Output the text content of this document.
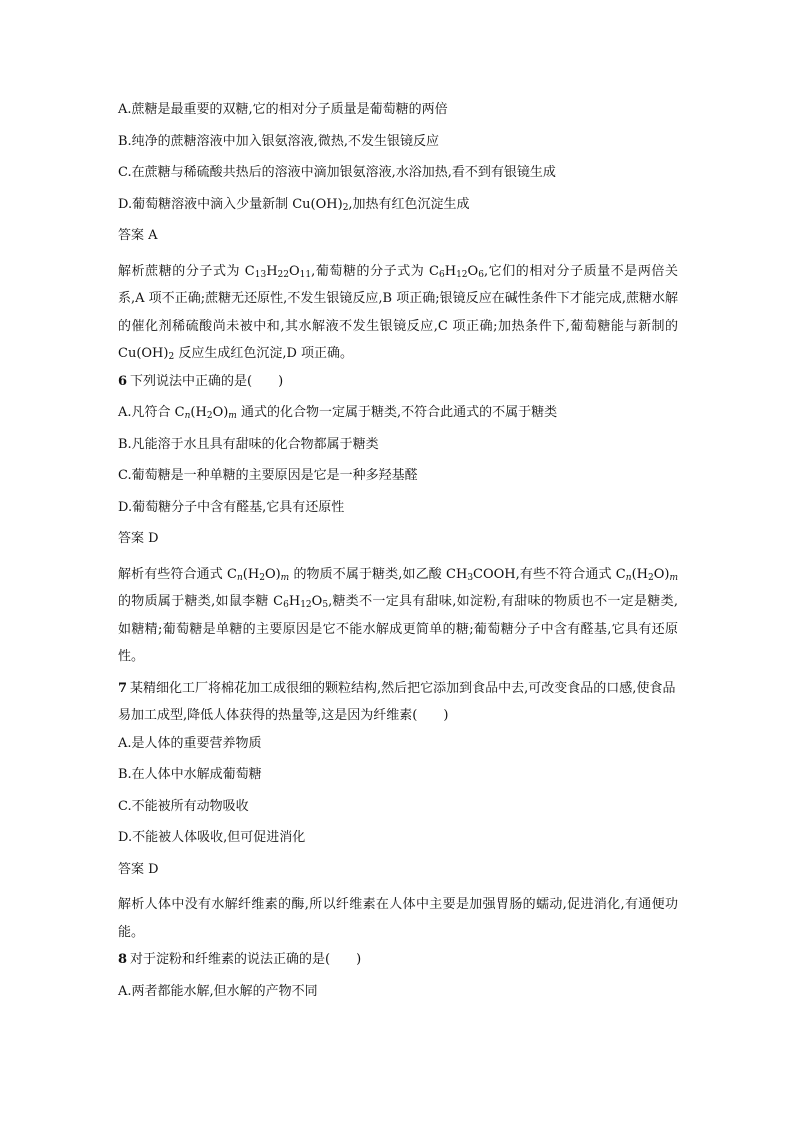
A.蔗糖是最重要的双糖,它的相对分子质量是葡萄糖的两倍
B.纯净的蔗糖溶液中加入银氨溶液,微热,不发生银镜反应
C.在蔗糖与稀硫酸共热后的溶液中滴加银氨溶液,水浴加热,看不到有银镜生成
D.葡萄糖溶液中滴入少量新制 $Cu(OH)_2$,加热有红色沉淀生成
答案 A
解析蔗糖的分子式为 $C_{13}H_{22}O_{11}$,葡萄糖的分子式为 $C_6H_{12}O_6$,它们的相对分子质量不是两倍关系,A 项不正确;蔗糖无还原性,不发生银镜反应,B 项正确;银镜反应在碱性条件下才能完成,蔗糖水解的催化剂稀硫酸尚未被中和,其水解液不发生银镜反应,C 项正确;加热条件下,葡萄糖能与新制的 $Cu(OH)_2$ 反应生成红色沉淀,D 项正确。
6 下列说法中正确的是(　　)
A.凡符合 $C_n(H_2O)_m$ 通式的化合物一定属于糖类,不符合此通式的不属于糖类
B.凡能溶于水且具有甜味的化合物都属于糖类
C.葡萄糖是一种单糖的主要原因是它是一种多羟基醛
D.葡萄糖分子中含有醛基,它具有还原性
答案 D
解析有些符合通式 $C_n(H_2O)_m$ 的物质不属于糖类,如乙酸 $CH_3COOH$,有些不符合通式 $C_n(H_2O)_m$ 的物质属于糖类,如鼠李糖 $C_6H_{12}O_5$,糖类不一定具有甜味,如淀粉,有甜味的物质也不一定是糖类,如糖精;葡萄糖是单糖的主要原因是它不能水解成更简单的糖;葡萄糖分子中含有醛基,它具有还原性。
7 某精细化工厂将棉花加工成很细的颗粒结构,然后把它添加到食品中去,可改变食品的口感,使食品易加工成型,降低人体获得的热量等,这是因为纤维素(　　)
A.是人体的重要营养物质
B.在人体中水解成葡萄糖
C.不能被所有动物吸收
D.不能被人体吸收,但可促进消化
答案 D
解析人体中没有水解纤维素的酶,所以纤维素在人体中主要是加强胃肠的蠕动,促进消化,有通便功能。
8 对于淀粉和纤维素的说法正确的是(　　)
A.两者都能水解,但水解的产物不同
